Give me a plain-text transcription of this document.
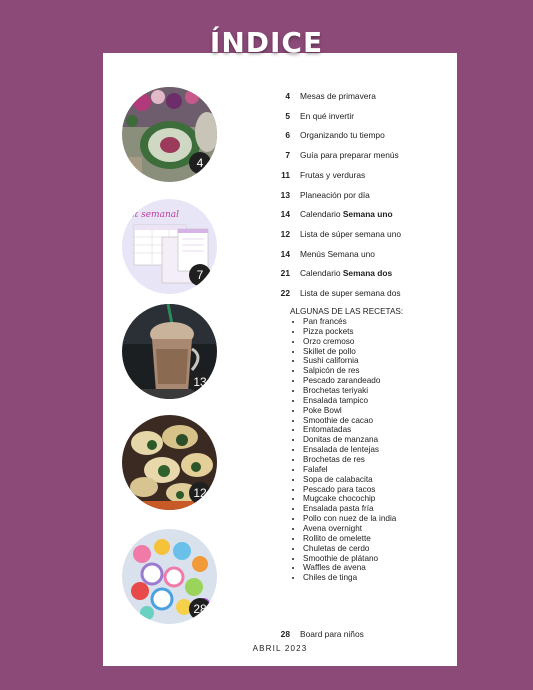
ÍNDICE
4
st semanal
7
13
12
28
4 Mesas de primavera
5 En qué invertir
6 Organizando tu tiempo
7 Guía para preparar menús
11 Frutas y verduras
13 Planeación por día
14 Calendario Semana uno
12 Lista de súper semana uno
14 Menús Semana uno
21 Calendario Semana dos
22 Lista de super semana dos
ALGUNAS DE LAS RECETAS:
• Pan francés
• Pizza pockets
• Orzo cremoso
• Skillet de pollo
• Sushi california
• Salpicón de res
• Pescado zarandeado
• Brochetas teriyaki
• Ensalada tampico
• Poke Bowl
• Smoothie de cacao
• Entomatadas
• Donitas de manzana
• Ensalada de lentejas
• Brochetas de res
• Falafel
• Sopa de calabacita
• Pescado para tacos
• Mugcake chocochip
• Ensalada pasta fría
• Pollo con nuez de la india
• Avena overnight
• Rollito de omelette
• Chuletas de cerdo
• Smoothie de plátano
• Waffles de avena
• Chiles de tinga
28 Board para niños
ABRIL 2023
